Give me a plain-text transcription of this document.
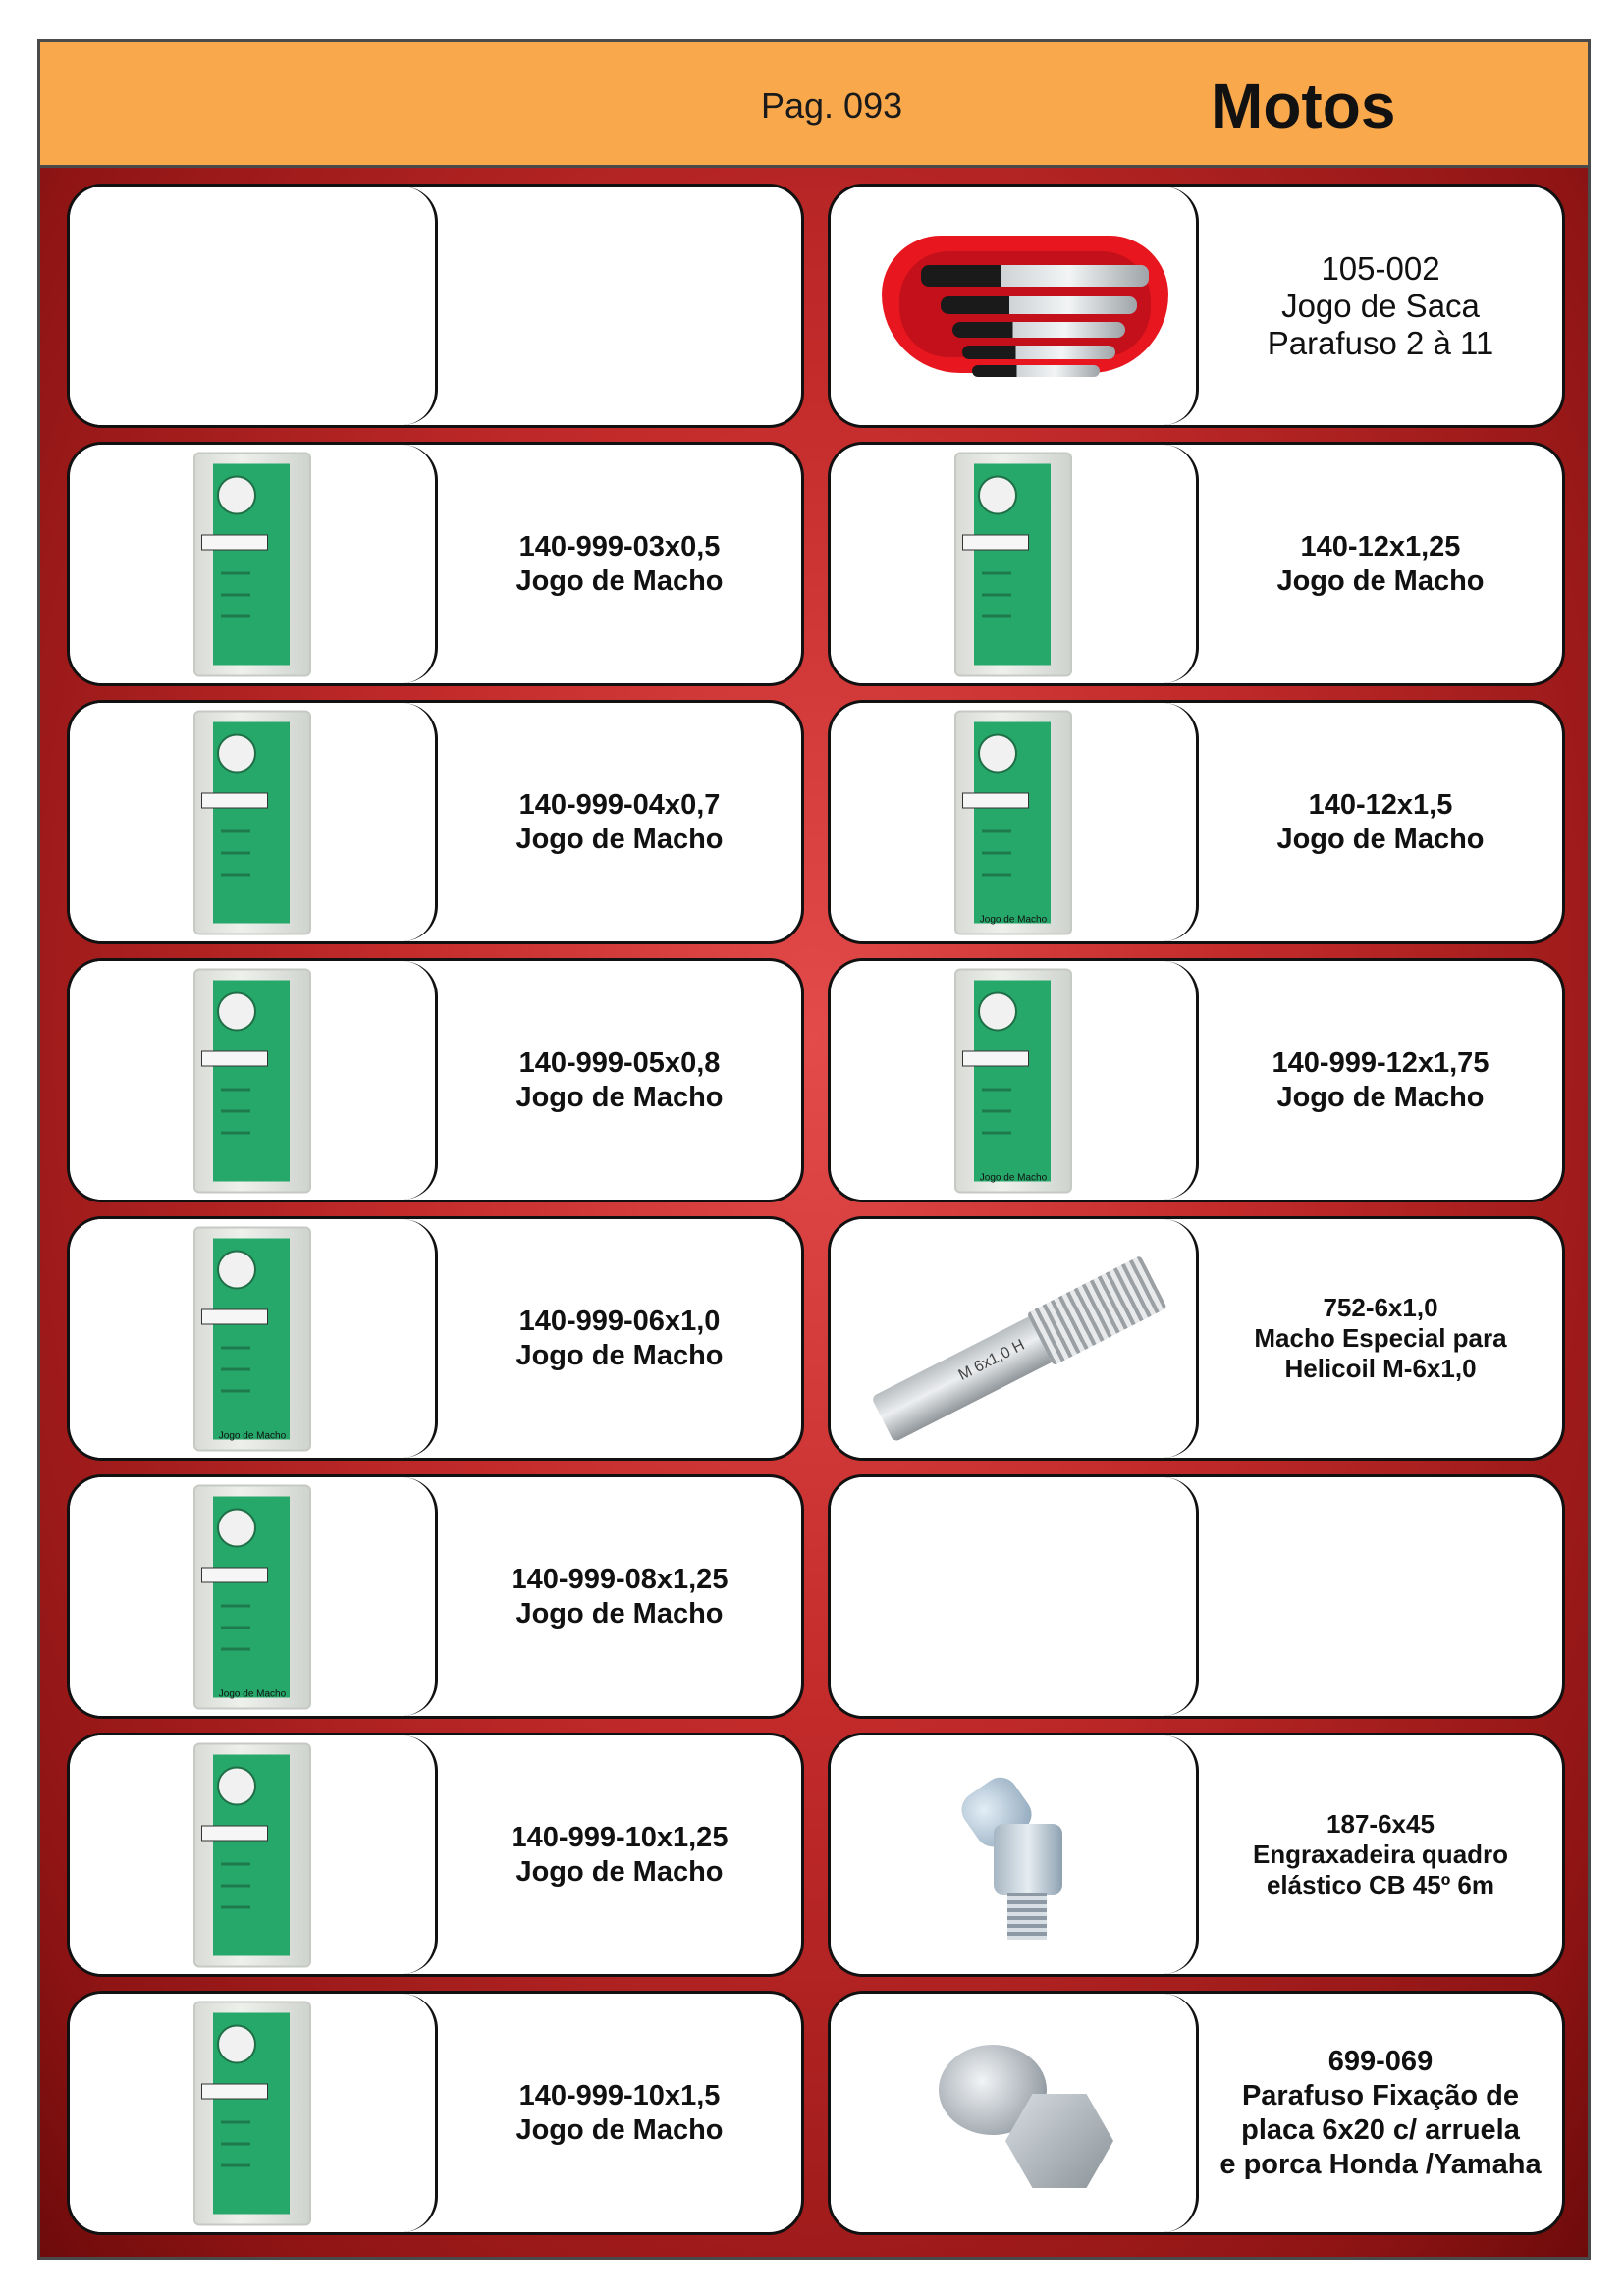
Pag. 093	Motos
105-002
Jogo de Saca
Parafuso 2 à 11
140-999-03x0,5
Jogo de Macho
140-12x1,25
Jogo de Macho
140-999-04x0,7
Jogo de Macho
Jogo de Macho
140-12x1,5
Jogo de Macho
140-999-05x0,8
Jogo de Macho
Jogo de Macho
140-999-12x1,75
Jogo de Macho
Jogo de Macho
140-999-06x1,0
Jogo de Macho	M 6x1,0 H
752-6x1,0
Macho Especial para
Helicoil M-6x1,0
Jogo de Macho
140-999-08x1,25
Jogo de Macho
140-999-10x1,25
Jogo de Macho
187-6x45
Engraxadeira quadro
elástico CB 45º 6m
140-999-10x1,5
Jogo de Macho
699-069
Parafuso Fixação de
placa 6x20 c/ arruela
e porca Honda /Yamaha
